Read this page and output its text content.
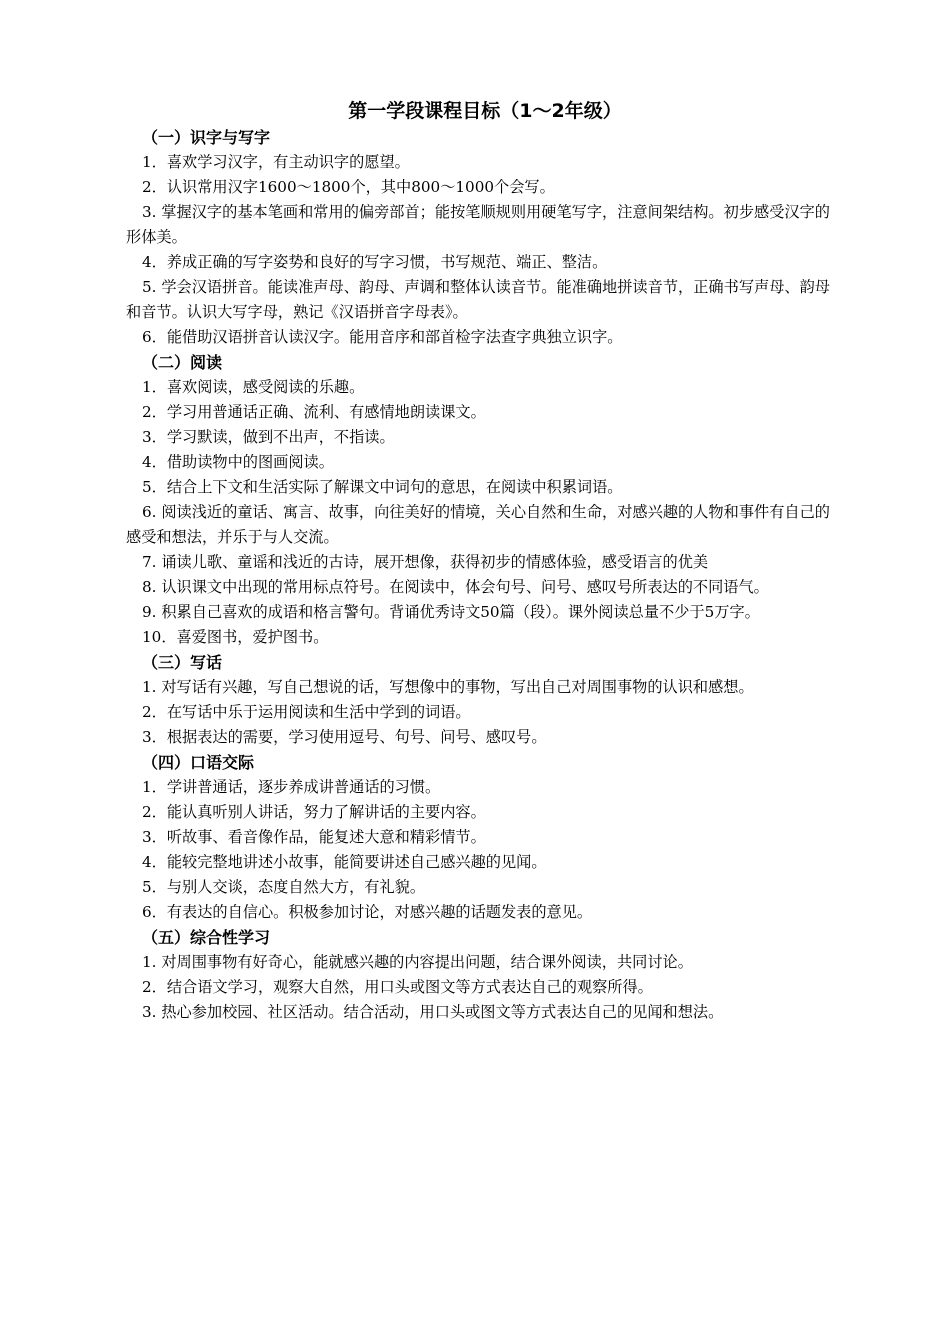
第一学段课程目标（1～2年级）

（一）识字与写字

1．喜欢学习汉字，有主动识字的愿望。

2．认识常用汉字1600～1800个，其中800～1000个会写。

3. 掌握汉字的基本笔画和常用的偏旁部首；能按笔顺规则用硬笔写字，注意间架结构。初步感受汉字的形体美。

4．养成正确的写字姿势和良好的写字习惯，书写规范、端正、整洁。

5. 学会汉语拼音。能读准声母、韵母、声调和整体认读音节。能准确地拼读音节，正确书写声母、韵母和音节。认识大写字母，熟记《汉语拼音字母表》。

6．能借助汉语拼音认读汉字。能用音序和部首检字法查字典独立识字。

（二）阅读

1．喜欢阅读，感受阅读的乐趣。

2．学习用普通话正确、流利、有感情地朗读课文。

3．学习默读，做到不出声，不指读。

4．借助读物中的图画阅读。

5．结合上下文和生活实际了解课文中词句的意思，在阅读中积累词语。

6. 阅读浅近的童话、寓言、故事，向往美好的情境，关心自然和生命，对感兴趣的人物和事件有自己的感受和想法，并乐于与人交流。

7. 诵读儿歌、童谣和浅近的古诗，展开想像，获得初步的情感体验，感受语言的优美

8. 认识课文中出现的常用标点符号。在阅读中，体会句号、问号、感叹号所表达的不同语气。

9. 积累自己喜欢的成语和格言警句。背诵优秀诗文50篇（段）。课外阅读总量不少于5万字。

10．喜爱图书，爱护图书。

（三）写话

1. 对写话有兴趣，写自己想说的话，写想像中的事物，写出自己对周围事物的认识和感想。

2．在写话中乐于运用阅读和生活中学到的词语。

3．根据表达的需要，学习使用逗号、句号、问号、感叹号。

（四）口语交际

1．学讲普通话，逐步养成讲普通话的习惯。

2．能认真听别人讲话，努力了解讲话的主要内容。

3．听故事、看音像作品，能复述大意和精彩情节。

4．能较完整地讲述小故事，能简要讲述自己感兴趣的见闻。

5．与别人交谈，态度自然大方，有礼貌。

6．有表达的自信心。积极参加讨论，对感兴趣的话题发表的意见。

（五）综合性学习

1. 对周围事物有好奇心，能就感兴趣的内容提出问题，结合课外阅读，共同讨论。

2．结合语文学习，观察大自然，用口头或图文等方式表达自己的观察所得。

3. 热心参加校园、社区活动。结合活动，用口头或图文等方式表达自己的见闻和想法。
